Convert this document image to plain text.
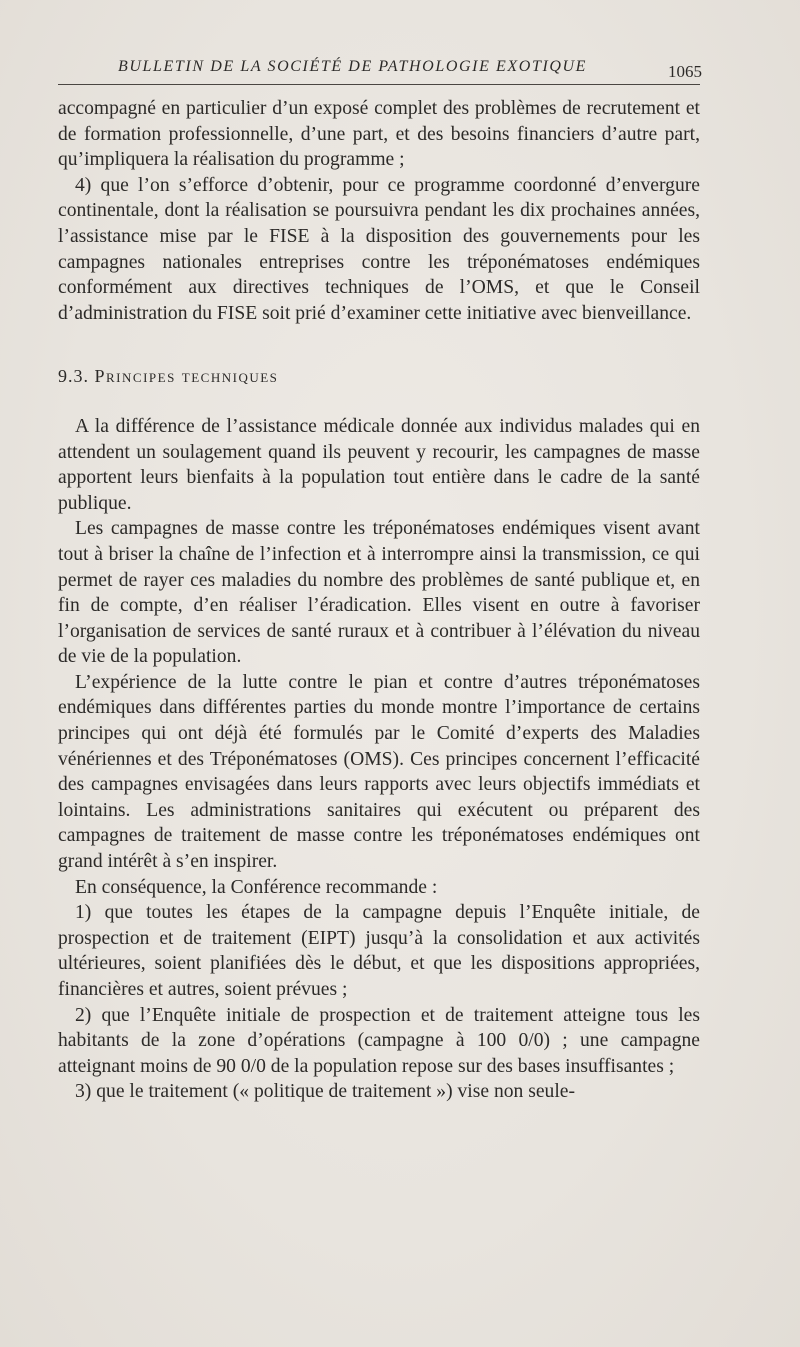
BULLETIN DE LA SOCIÉTÉ DE PATHOLOGIE EXOTIQUE	1065

accompagné en particulier d’un exposé complet des problèmes de recrutement et de formation professionnelle, d’une part, et des besoins financiers d’autre part, qu’impliquera la réalisation du programme ;

4) que l’on s’efforce d’obtenir, pour ce programme coordonné d’envergure continentale, dont la réalisation se poursuivra pendant les dix prochaines années, l’assistance mise par le FISE à la disposition des gouvernements pour les campagnes nationales entreprises contre les tréponématoses endémiques conformément aux directives techniques de l’OMS, et que le Conseil d’administration du FISE soit prié d’examiner cette initiative avec bienveillance.

9.3. Principes techniques

A la différence de l’assistance médicale donnée aux individus malades qui en attendent un soulagement quand ils peuvent y recourir, les campagnes de masse apportent leurs bienfaits à la population tout entière dans le cadre de la santé publique.

Les campagnes de masse contre les tréponématoses endémiques visent avant tout à briser la chaîne de l’infection et à interrompre ainsi la transmission, ce qui permet de rayer ces maladies du nombre des problèmes de santé publique et, en fin de compte, d’en réaliser l’éradication. Elles visent en outre à favoriser l’organisation de services de santé ruraux et à contribuer à l’élévation du niveau de vie de la population.

L’expérience de la lutte contre le pian et contre d’autres tréponématoses endémiques dans différentes parties du monde montre l’importance de certains principes qui ont déjà été formulés par le Comité d’experts des Maladies vénériennes et des Tréponématoses (OMS). Ces principes concernent l’efficacité des campagnes envisagées dans leurs rapports avec leurs objectifs immédiats et lointains. Les administrations sanitaires qui exécutent ou préparent des campagnes de traitement de masse contre les tréponématoses endémiques ont grand intérêt à s’en inspirer.

En conséquence, la Conférence recommande :

1) que toutes les étapes de la campagne depuis l’Enquête initiale, de prospection et de traitement (EIPT) jusqu’à la consolidation et aux activités ultérieures, soient planifiées dès le début, et que les dispositions appropriées, financières et autres, soient prévues ;

2) que l’Enquête initiale de prospection et de traitement atteigne tous les habitants de la zone d’opérations (campagne à 100 0/0) ; une campagne atteignant moins de 90 0/0 de la population repose sur des bases insuffisantes ;

3) que le traitement (« politique de traitement ») vise non seule-
